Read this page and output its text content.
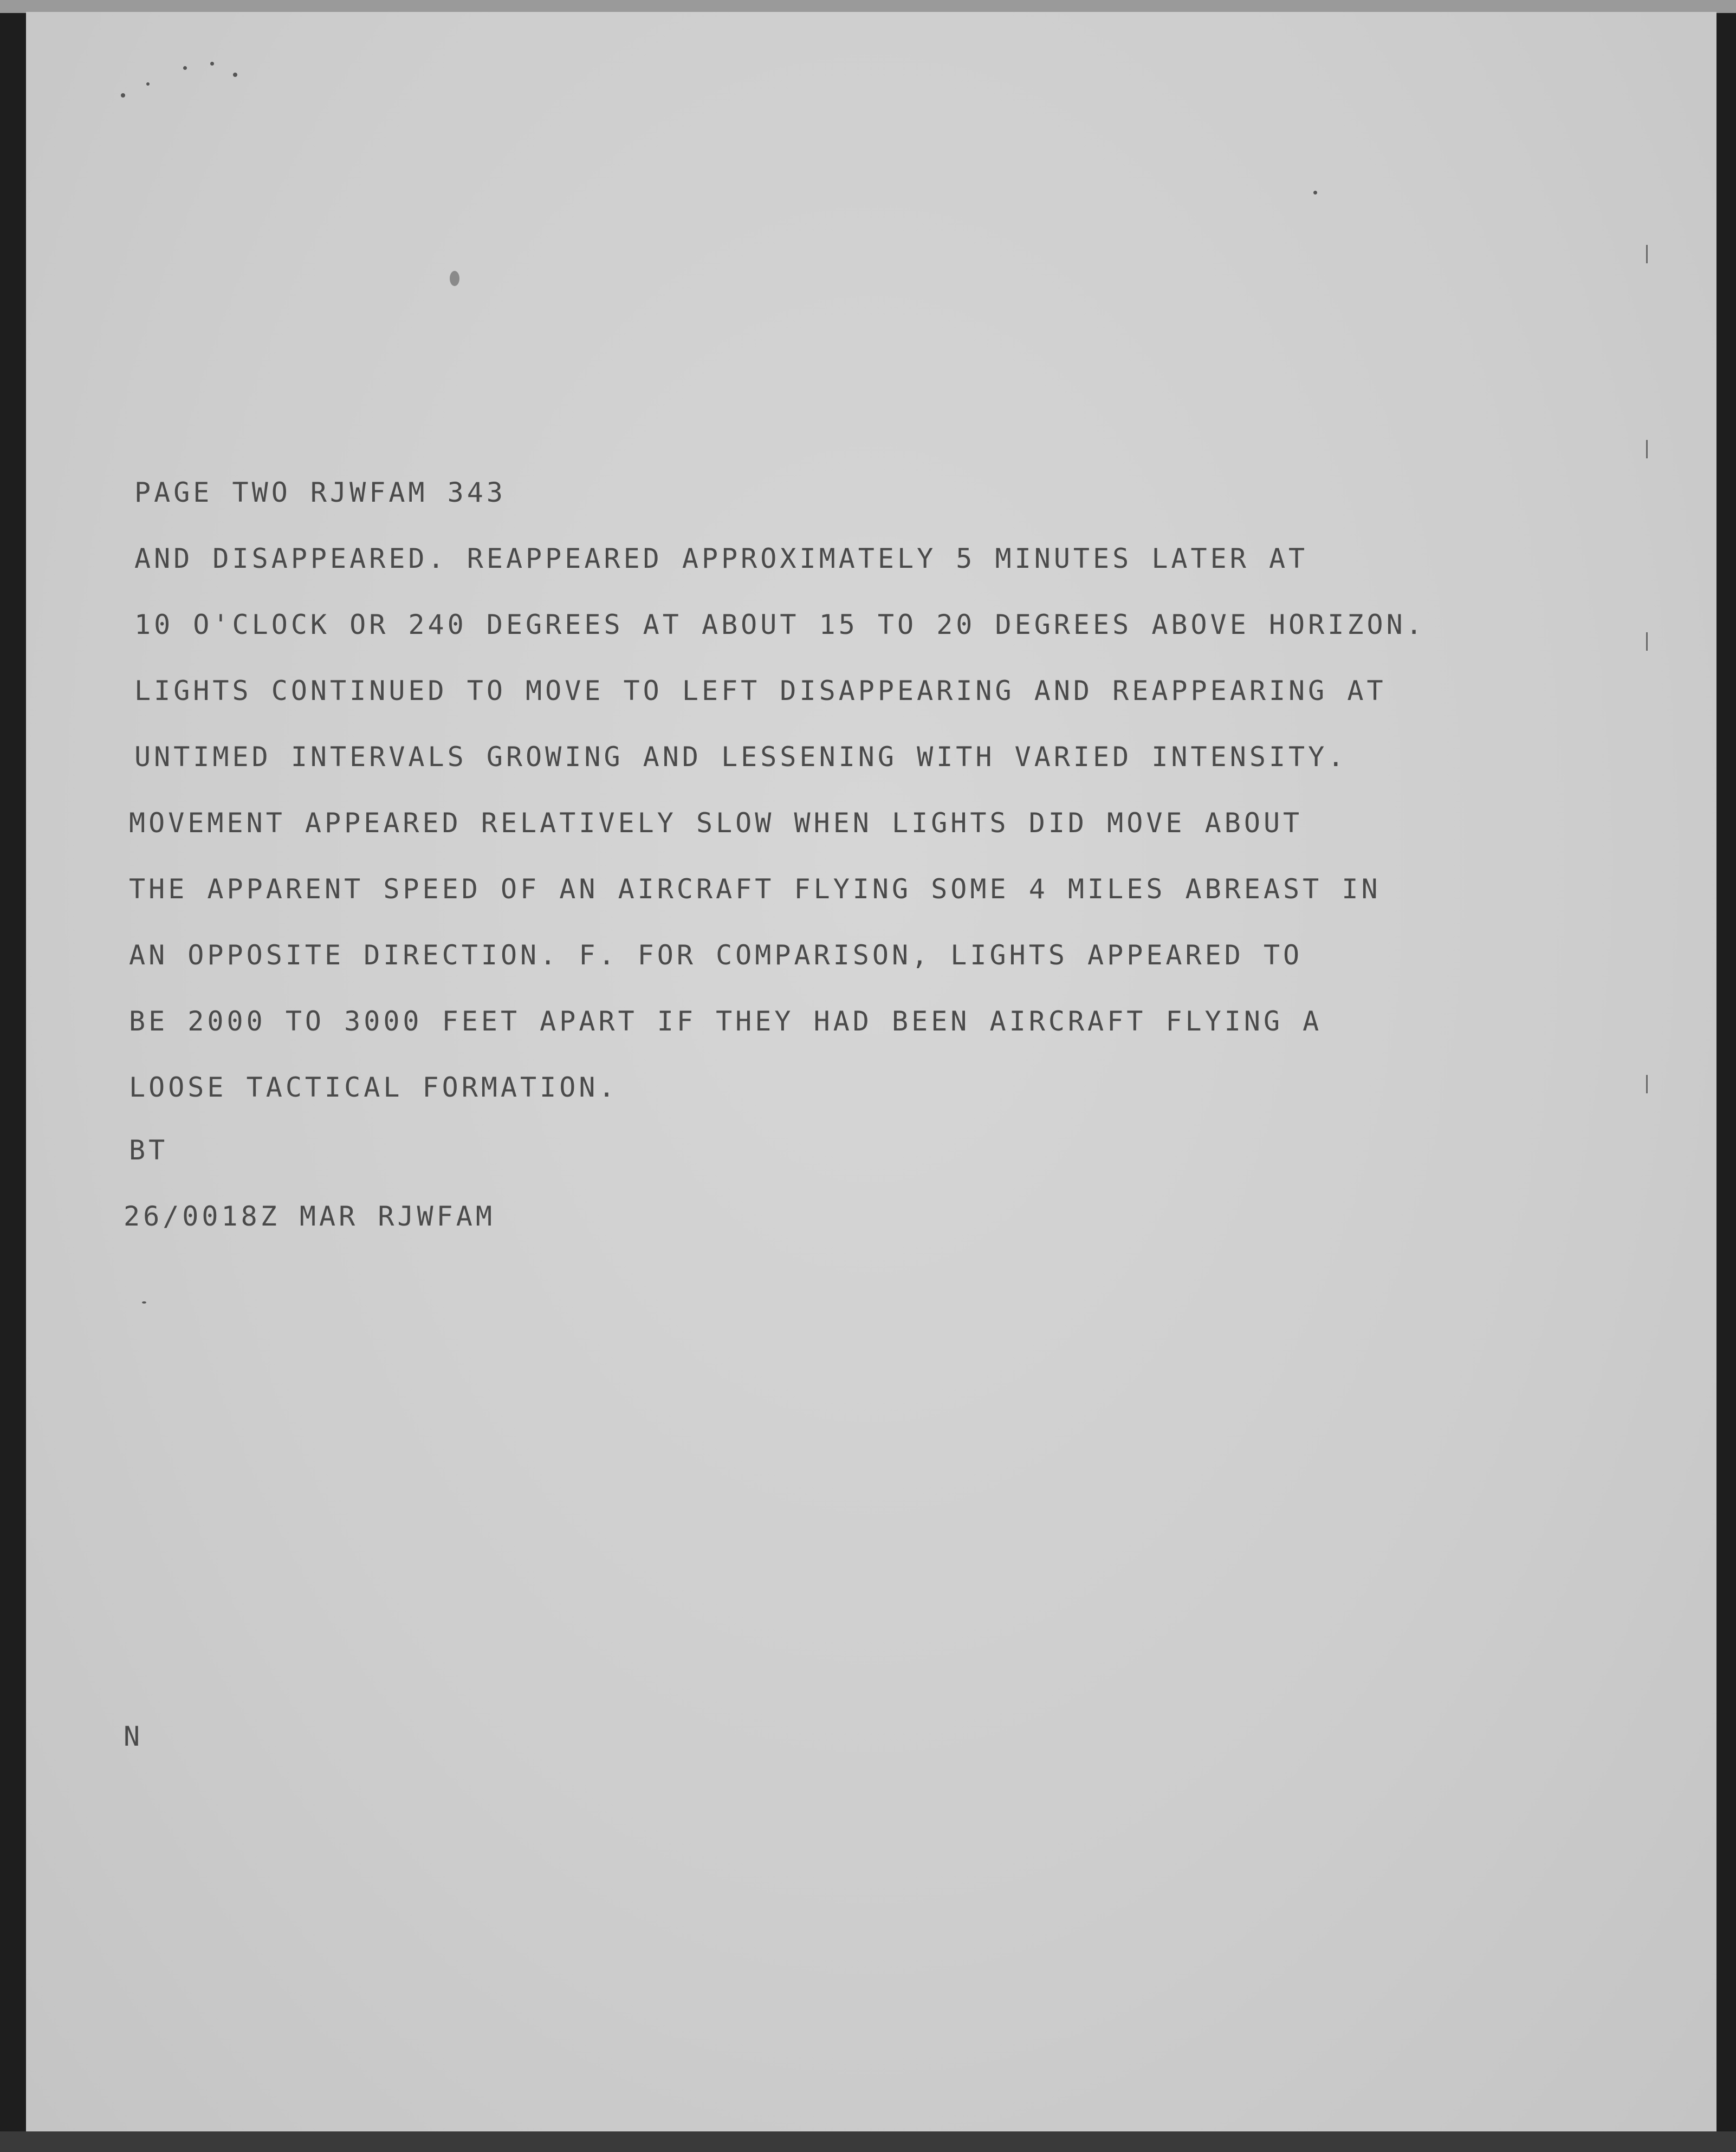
PAGE TWO RJWFAM 343
AND DISAPPEARED. REAPPEARED APPROXIMATELY 5 MINUTES LATER AT
10 O'CLOCK OR 240 DEGREES AT ABOUT 15 TO 20 DEGREES ABOVE HORIZON.
LIGHTS CONTINUED TO MOVE TO LEFT DISAPPEARING AND REAPPEARING AT
UNTIMED INTERVALS GROWING AND LESSENING WITH VARIED INTENSITY.
MOVEMENT APPEARED RELATIVELY SLOW WHEN LIGHTS DID MOVE ABOUT
THE APPARENT SPEED OF AN AIRCRAFT FLYING SOME 4 MILES ABREAST IN
AN OPPOSITE DIRECTION. F. FOR COMPARISON, LIGHTS APPEARED TO
BE 2000 TO 3000 FEET APART IF THEY HAD BEEN AIRCRAFT FLYING A
LOOSE TACTICAL FORMATION.
BT
26/0018Z MAR RJWFAM
N
